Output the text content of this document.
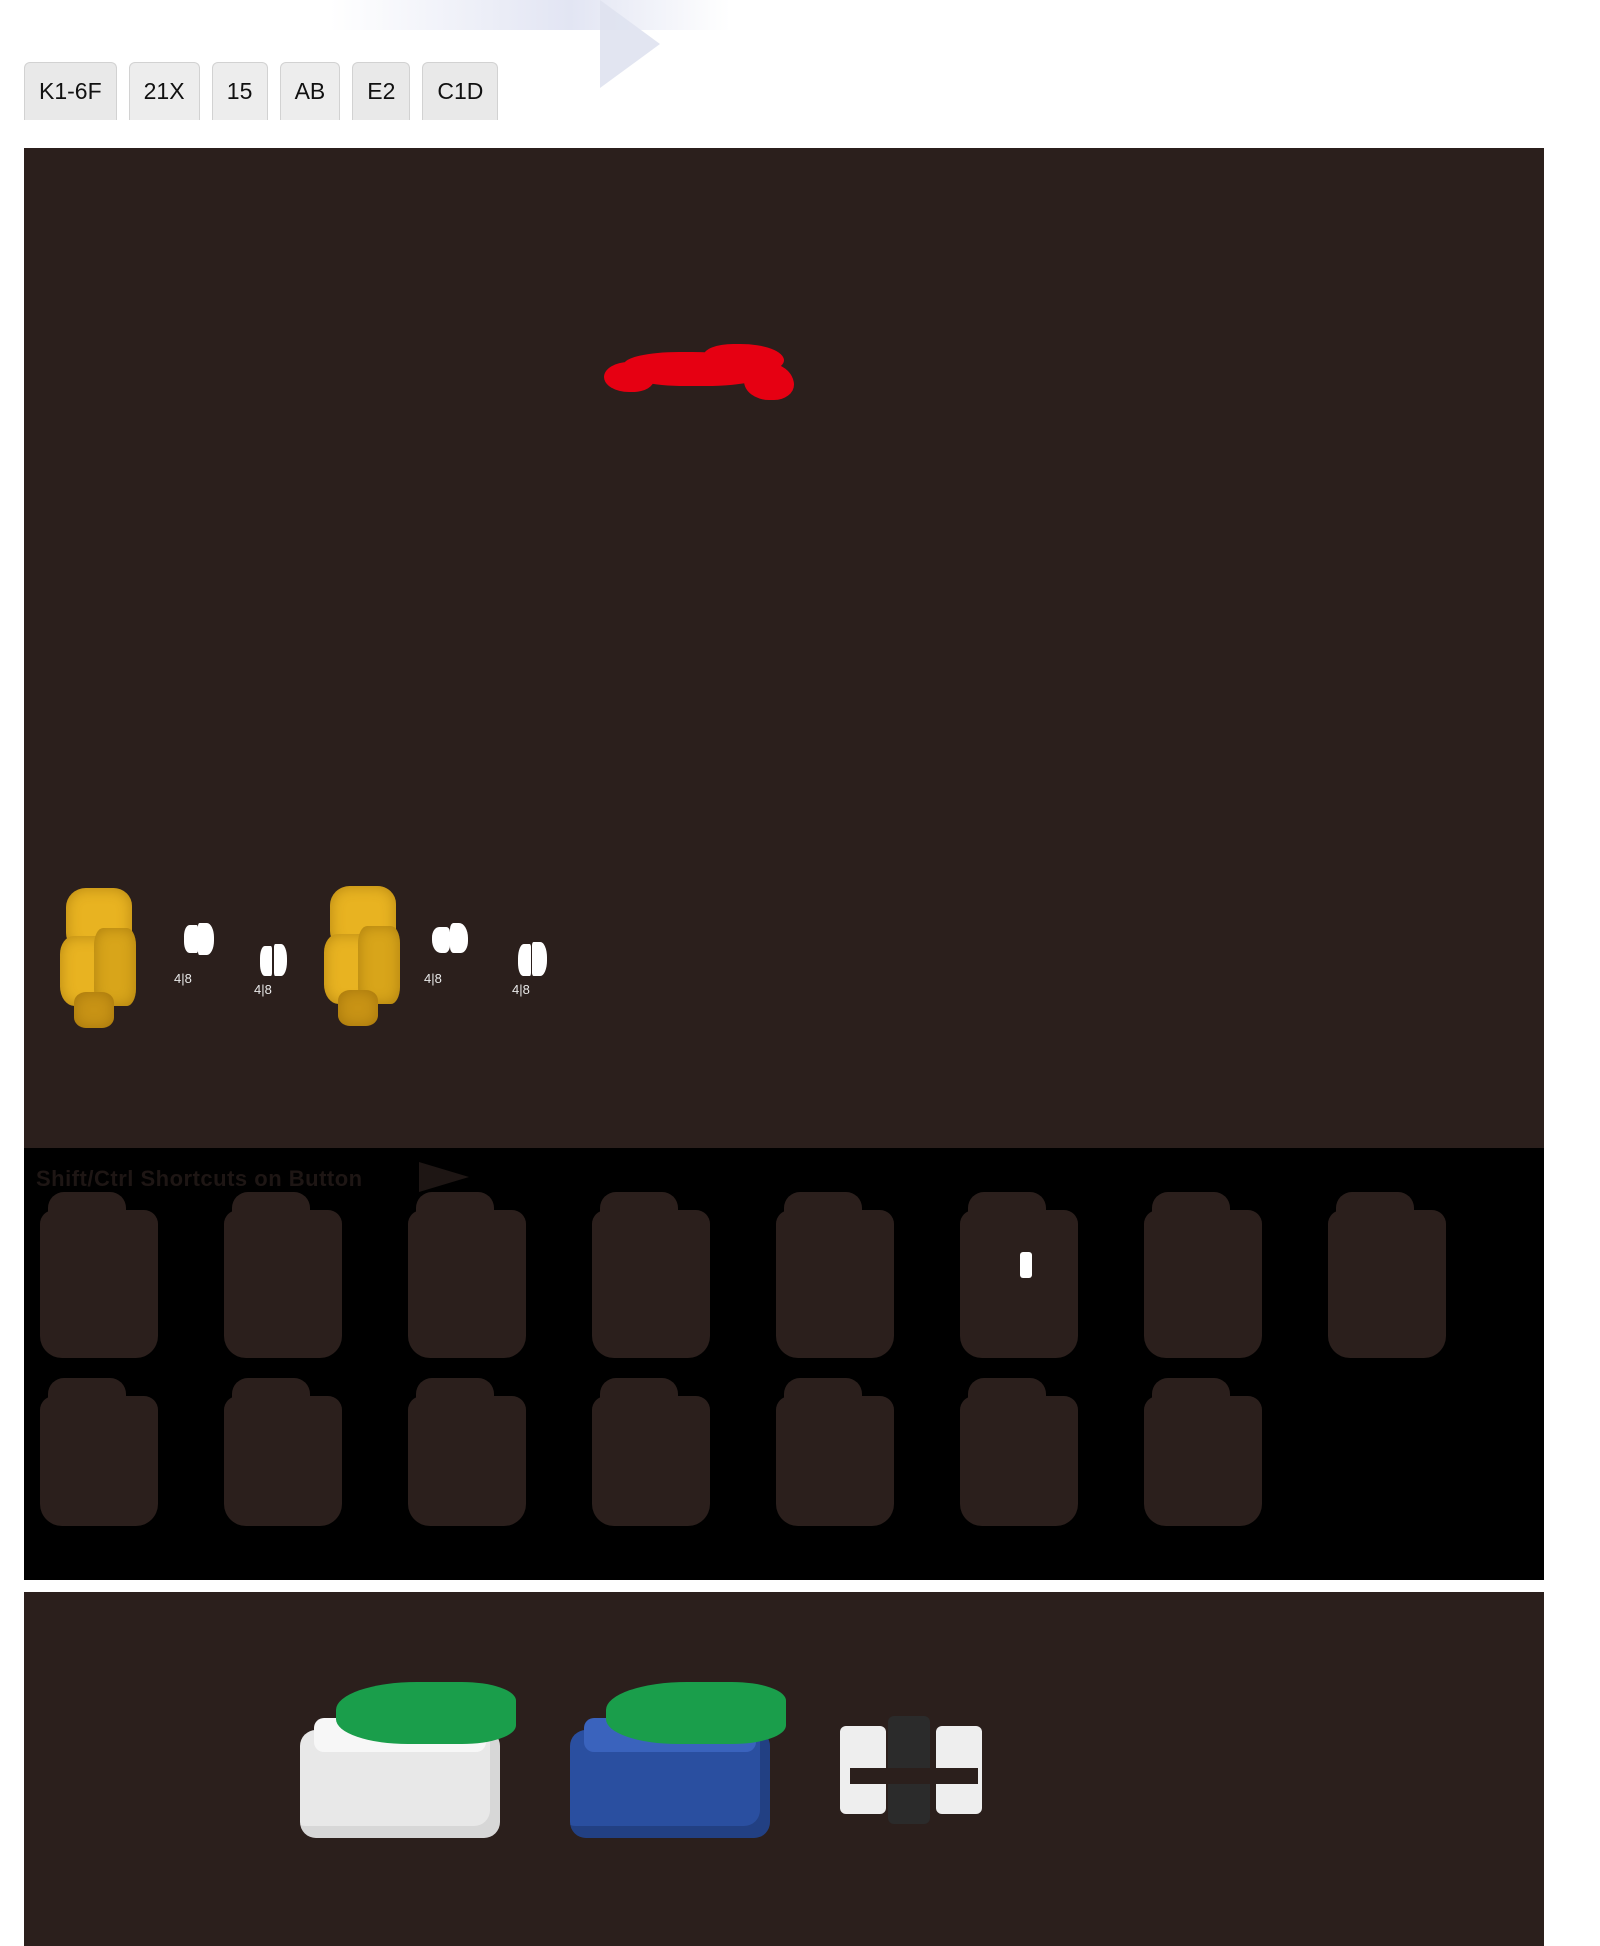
K1-6F 21X 15 AB E2 C1D
4|8
4|8
4|8
4|8
Shift/Ctrl Shortcuts on Button
